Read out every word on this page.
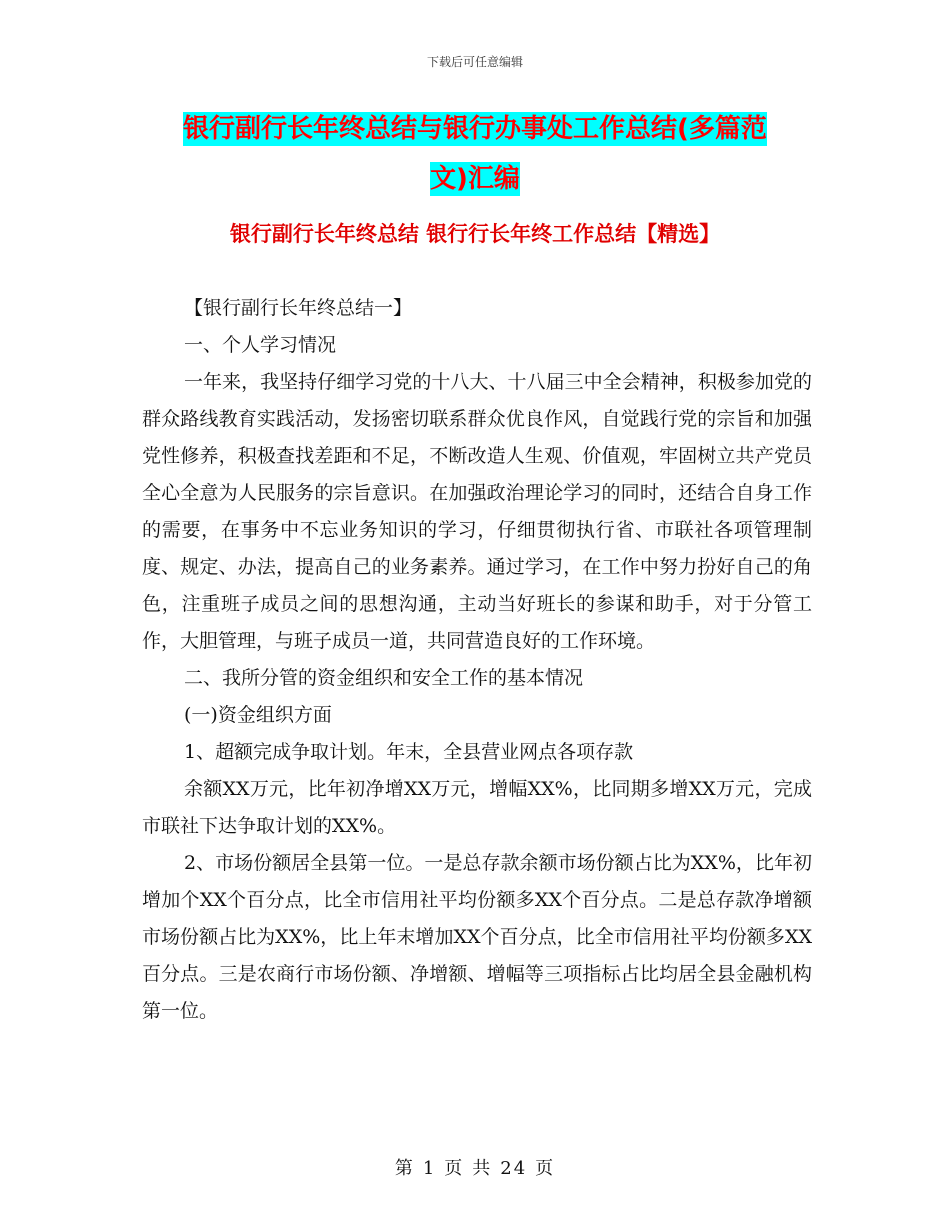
下载后可任意编辑
银行副行长年终总结与银行办事处工作总结(多篇范
文)汇编
银行副行长年终总结 银行行长年终工作总结【精选】

【银行副行长年终总结一】

一、个人学习情况

一年来，我坚持仔细学习党的十八大、十八届三中全会精神，积极参加党的群众路线教育实践活动，发扬密切联系群众优良作风，自觉践行党的宗旨和加强党性修养，积极查找差距和不足，不断改造人生观、价值观，牢固树立共产党员全心全意为人民服务的宗旨意识。在加强政治理论学习的同时，还结合自身工作的需要，在事务中不忘业务知识的学习，仔细贯彻执行省、市联社各项管理制度、规定、办法，提高自己的业务素养。通过学习，在工作中努力扮好自己的角色，注重班子成员之间的思想沟通，主动当好班长的参谋和助手，对于分管工作，大胆管理，与班子成员一道，共同营造良好的工作环境。

二、我所分管的资金组织和安全工作的基本情况

(一)资金组织方面

1、超额完成争取计划。年末，全县营业网点各项存款

余额XX万元，比年初净增XX万元，增幅XX%，比同期多增XX万元，完成市联社下达争取计划的XX%。

2、市场份额居全县第一位。一是总存款余额市场份额占比为XX%，比年初增加个XX个百分点，比全市信用社平均份额多XX个百分点。二是总存款净增额市场份额占比为XX%，比上年末增加XX个百分点，比全市信用社平均份额多XX百分点。三是农商行市场份额、净增额、增幅等三项指标占比均居全县金融机构第一位。

第 1 页 共 24 页
